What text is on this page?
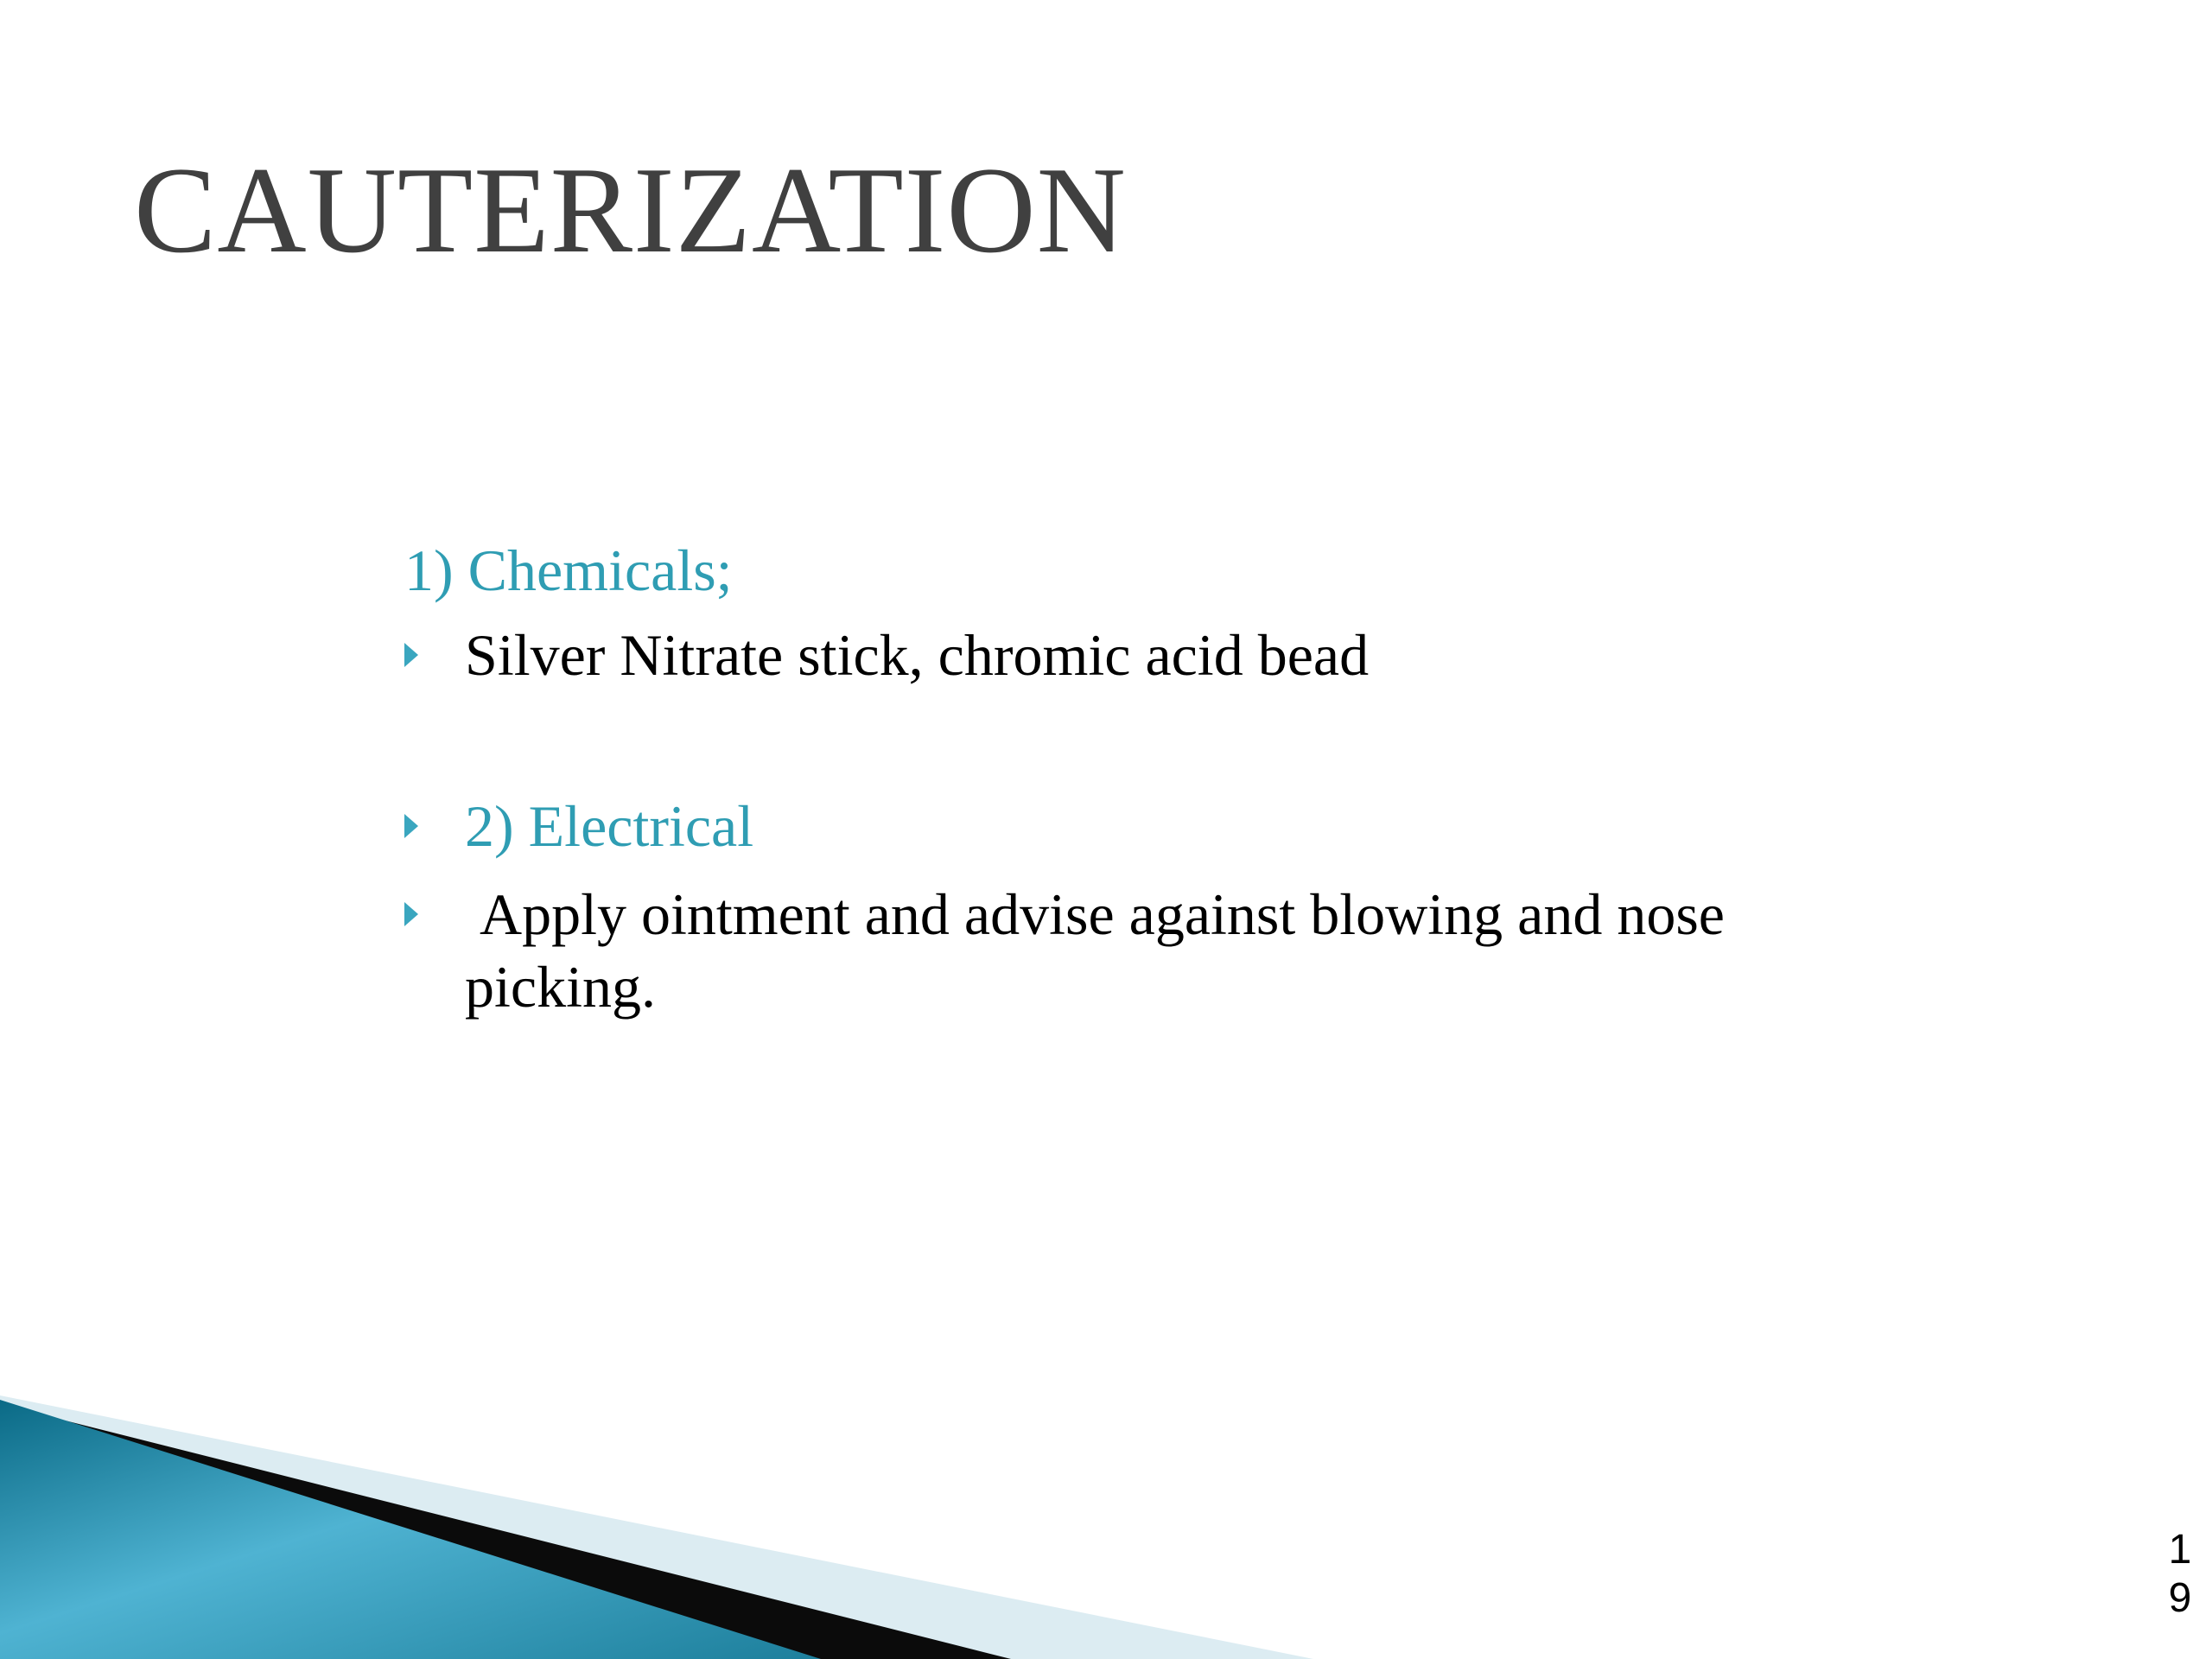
CAUTERIZATION
1) Chemicals;
Silver Nitrate stick, chromic acid bead
2) Electrical
Apply ointment and advise against blowing and nose picking.
19
